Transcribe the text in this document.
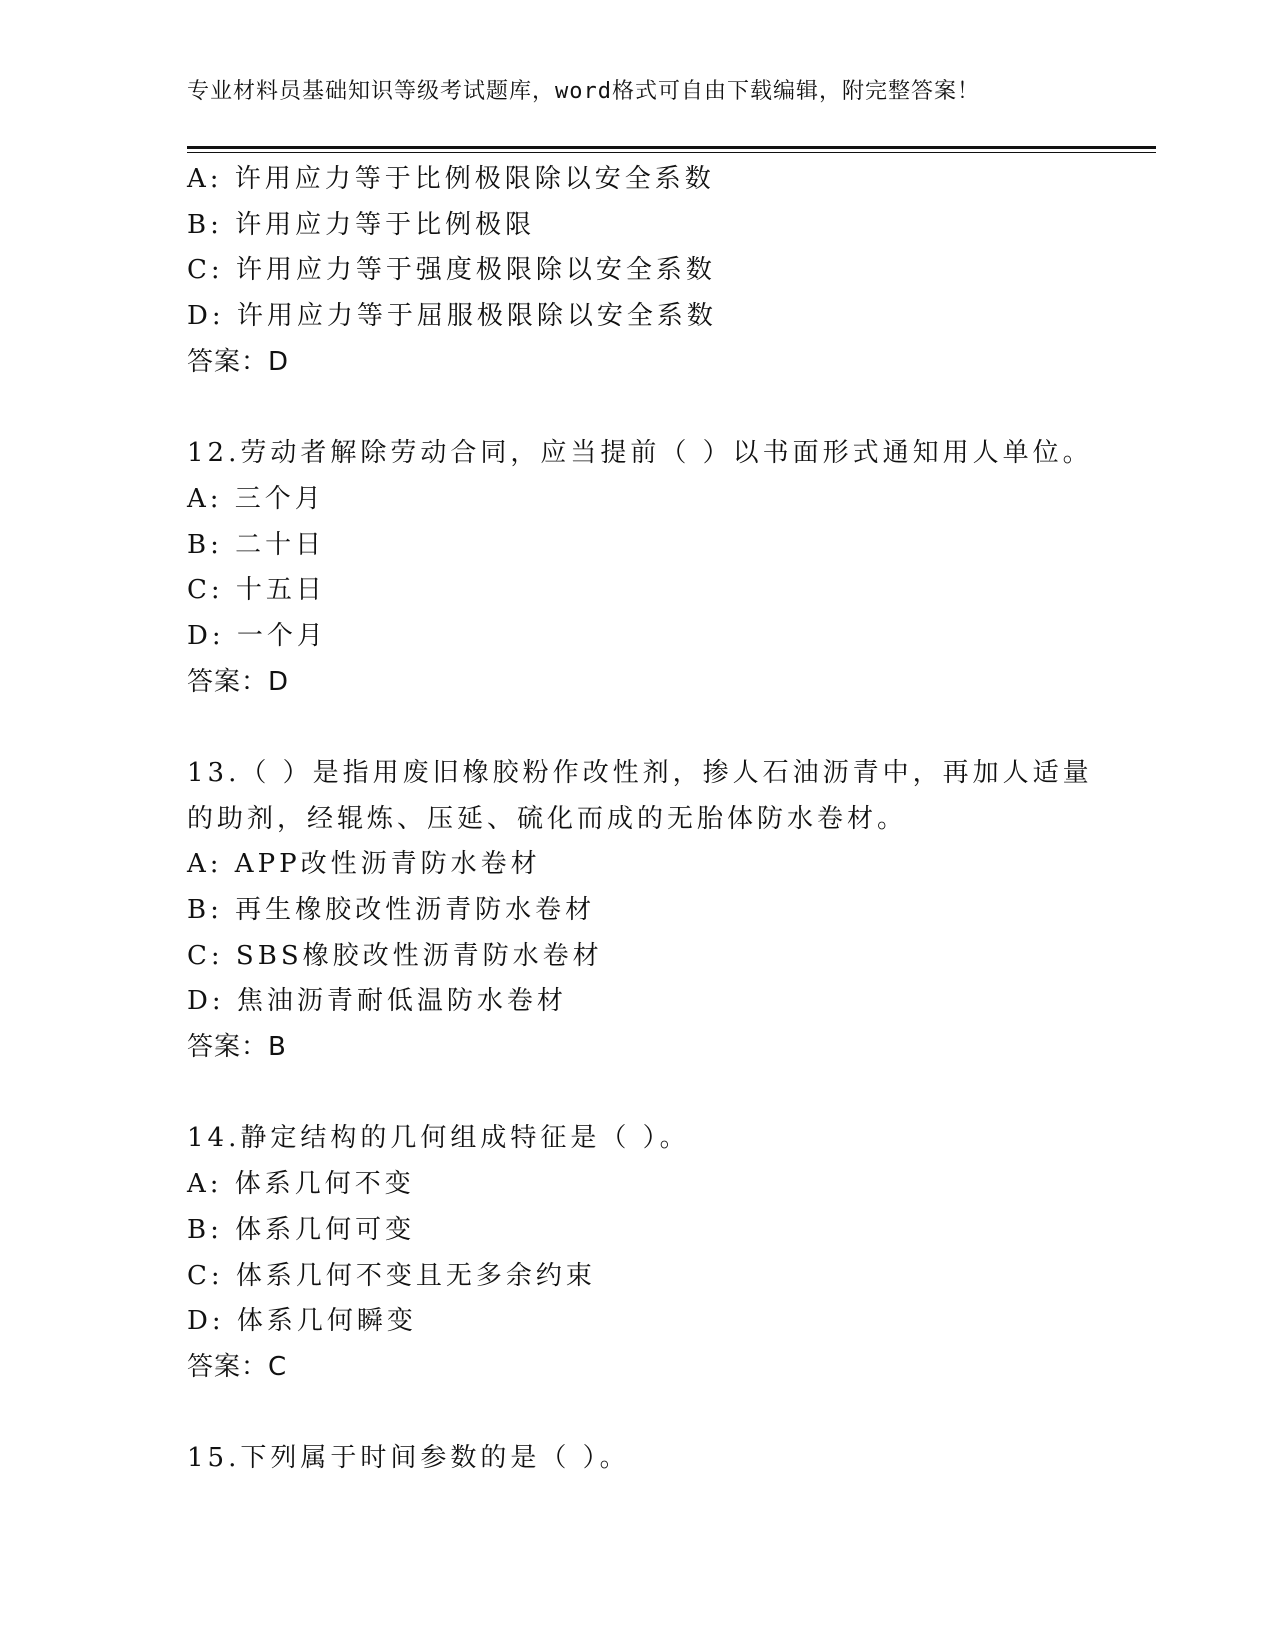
专业材料员基础知识等级考试题库，word格式可自由下载编辑，附完整答案！
A: 许用应力等于比例极限除以安全系数
B: 许用应力等于比例极限
C: 许用应力等于强度极限除以安全系数
D: 许用应力等于屈服极限除以安全系数
答案：D
12.劳动者解除劳动合同，应当提前（ ）以书面形式通知用人单位。
A: 三个月
B: 二十日
C: 十五日
D: 一个月
答案：D
13.（ ）是指用废旧橡胶粉作改性剂，掺人石油沥青中，再加人适量
的助剂，经辊炼、压延、硫化而成的无胎体防水卷材。
A: APP改性沥青防水卷材
B: 再生橡胶改性沥青防水卷材
C: SBS橡胶改性沥青防水卷材
D: 焦油沥青耐低温防水卷材
答案：B
14.静定结构的几何组成特征是（ ）。
A: 体系几何不变
B: 体系几何可变
C: 体系几何不变且无多余约束
D: 体系几何瞬变
答案：C
15.下列属于时间参数的是（ ）。
